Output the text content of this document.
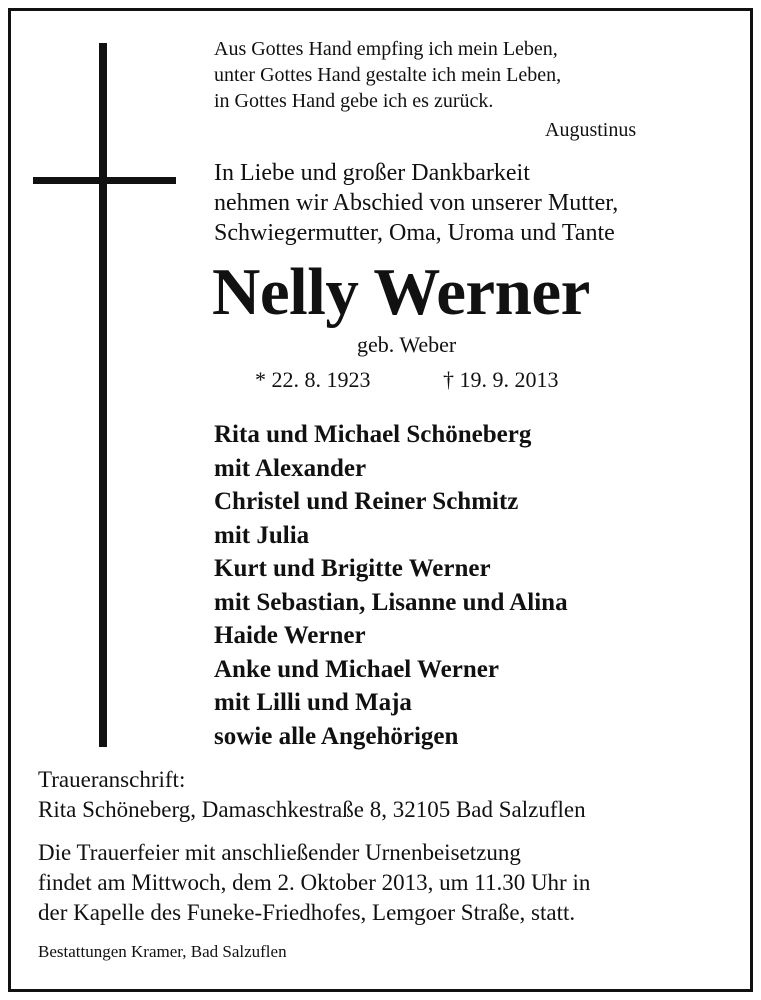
Aus Gottes Hand empfing ich mein Leben,
unter Gottes Hand gestalte ich mein Leben,
in Gottes Hand gebe ich es zurück.
Augustinus
In Liebe und großer Dankbarkeit
nehmen wir Abschied von unserer Mutter,
Schwiegermutter, Oma, Uroma und Tante
Nelly Werner
geb. Weber
* 22. 8. 1923	† 19. 9. 2013
Rita und Michael Schöneberg
mit Alexander
Christel und Reiner Schmitz
mit Julia
Kurt und Brigitte Werner
mit Sebastian, Lisanne und Alina
Haide Werner
Anke und Michael Werner
mit Lilli und Maja
sowie alle Angehörigen
Traueranschrift:
Rita Schöneberg, Damaschkestraße 8, 32105 Bad Salzuflen
Die Trauerfeier mit anschließender Urnenbeisetzung
findet am Mittwoch, dem 2. Oktober 2013, um 11.30 Uhr in
der Kapelle des Funeke-Friedhofes, Lemgoer Straße, statt.
Bestattungen Kramer, Bad Salzuflen
